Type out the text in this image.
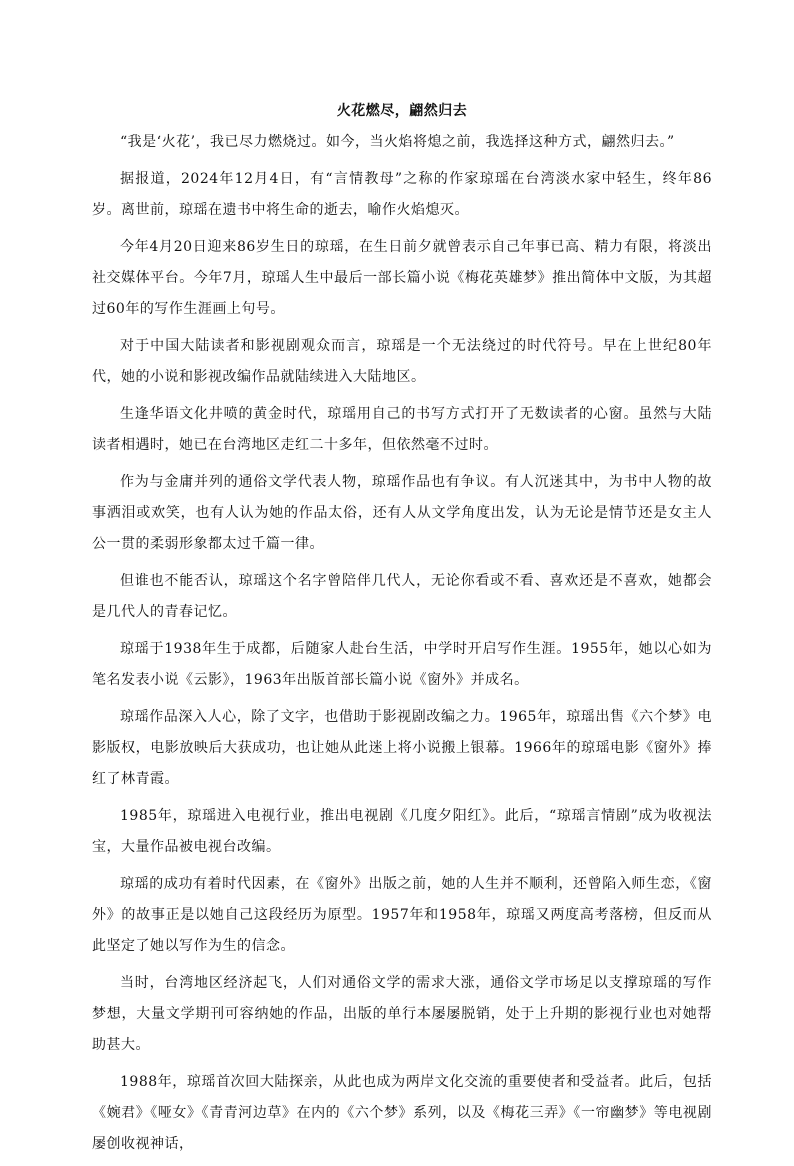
火花燃尽，翩然归去

“我是‘火花’，我已尽力燃烧过。如今，当火焰将熄之前，我选择这种方式，翩然归去。”

据报道，2024年12月4日，有“言情教母”之称的作家琼瑶在台湾淡水家中轻生，终年86岁。离世前，琼瑶在遗书中将生命的逝去，喻作火焰熄灭。

今年4月20日迎来86岁生日的琼瑶，在生日前夕就曾表示自己年事已高、精力有限，将淡出社交媒体平台。今年7月，琼瑶人生中最后一部长篇小说《梅花英雄梦》推出简体中文版，为其超过60年的写作生涯画上句号。

对于中国大陆读者和影视剧观众而言，琼瑶是一个无法绕过的时代符号。早在上世纪80年代，她的小说和影视改编作品就陆续进入大陆地区。

生逢华语文化井喷的黄金时代，琼瑶用自己的书写方式打开了无数读者的心窗。虽然与大陆读者相遇时，她已在台湾地区走红二十多年，但依然毫不过时。

作为与金庸并列的通俗文学代表人物，琼瑶作品也有争议。有人沉迷其中，为书中人物的故事洒泪或欢笑，也有人认为她的作品太俗，还有人从文学角度出发，认为无论是情节还是女主人公一贯的柔弱形象都太过千篇一律。

但谁也不能否认，琼瑶这个名字曾陪伴几代人，无论你看或不看、喜欢还是不喜欢，她都会是几代人的青春记忆。

琼瑶于1938年生于成都，后随家人赴台生活，中学时开启写作生涯。1955年，她以心如为笔名发表小说《云影》，1963年出版首部长篇小说《窗外》并成名。

琼瑶作品深入人心，除了文字，也借助于影视剧改编之力。1965年，琼瑶出售《六个梦》电影版权，电影放映后大获成功，也让她从此迷上将小说搬上银幕。1966年的琼瑶电影《窗外》捧红了林青霞。

1985年，琼瑶进入电视行业，推出电视剧《几度夕阳红》。此后，“琼瑶言情剧”成为收视法宝，大量作品被电视台改编。

琼瑶的成功有着时代因素，在《窗外》出版之前，她的人生并不顺利，还曾陷入师生恋，《窗外》的故事正是以她自己这段经历为原型。1957年和1958年，琼瑶又两度高考落榜，但反而从此坚定了她以写作为生的信念。

当时，台湾地区经济起飞，人们对通俗文学的需求大涨，通俗文学市场足以支撑琼瑶的写作梦想，大量文学期刊可容纳她的作品，出版的单行本屡屡脱销，处于上升期的影视行业也对她帮助甚大。

1988年，琼瑶首次回大陆探亲，从此也成为两岸文化交流的重要使者和受益者。此后，包括《婉君》《哑女》《青青河边草》在内的《六个梦》系列，以及《梅花三弄》《一帘幽梦》等电视剧屡创收视神话，
